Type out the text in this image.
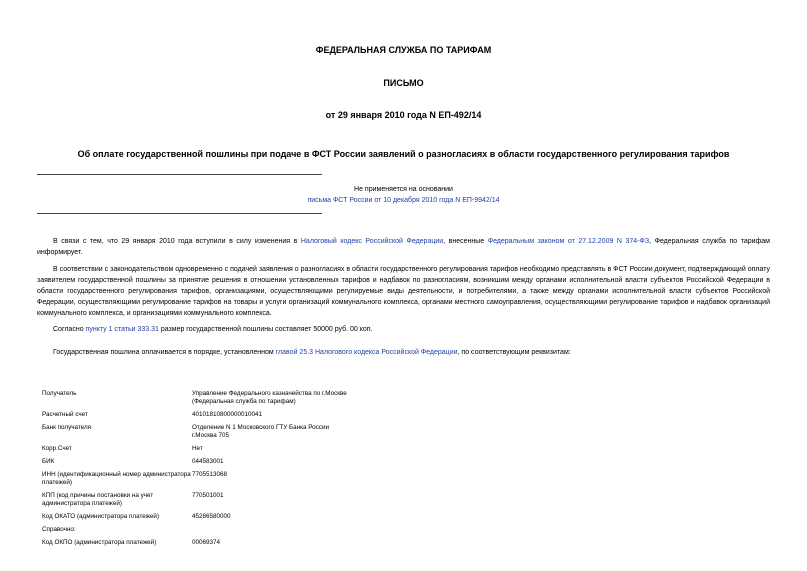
ФЕДЕРАЛЬНАЯ СЛУЖБА ПО ТАРИФАМ
ПИСЬМО
от 29 января 2010 года N ЕП-492/14
Об оплате государственной пошлины при подаче в ФСТ России заявлений о разногласиях в области государственного регулирования тарифов
Не применяется на основании
письма ФСТ России от 10 декабря 2010 года N ЕП-9942/14

В связи с тем, что 29 января 2010 года вступили в силу изменения в Налоговый кодекс Российской Федерации, внесенные Федеральным законом от 27.12.2009 N 374-ФЗ, Федеральная служба по тарифам информирует.

В соответствии с законодательством одновременно с подачей заявления о разногласиях в области государственного регулирования тарифов необходимо представлять в ФСТ России документ, подтверждающий оплату заявителем государственной пошлины за принятие решения в отношении установленных тарифов и надбавок по разногласиям, возникшим между органами исполнительной власти субъектов Российской Федерации в области государственного регулирования тарифов, организациями, осуществляющими регулируемые виды деятельности, и потребителями, а также между органами исполнительной власти субъектов Российской Федерации, осуществляющими регулирование тарифов на товары и услуги организаций коммунального комплекса, органами местного самоуправления, осуществляющими регулирование тарифов и надбавок организаций коммунального комплекса, и организациями коммунального комплекса.

Согласно пункту 1 статьи 333.31 размер государственной пошлины составляет 50000 руб. 00 коп.

Государственная пошлина оплачивается в порядке, установленном главой 25.3 Налогового кодекса Российской Федерации, по соответствующим реквизитам:

Получатель	Управление Федерального казначейства по г.Москве (Федеральная служба по тарифам)
Расчетный счет	40101810800000010041
Банк получателя	Отделение N 1 Московского ГТУ Банка России г.Москва 705
Корр.Счет	Нет
БИК	044583001
ИНН (идентификационный номер администратора платежей)	7705513068
КПП (код причины постановки на учет администратора платежей)	770501001
Код ОКАТО (администратора платежей)	45286580000
Справочно:	
Код ОКПО (администратора платежей)	00069374
